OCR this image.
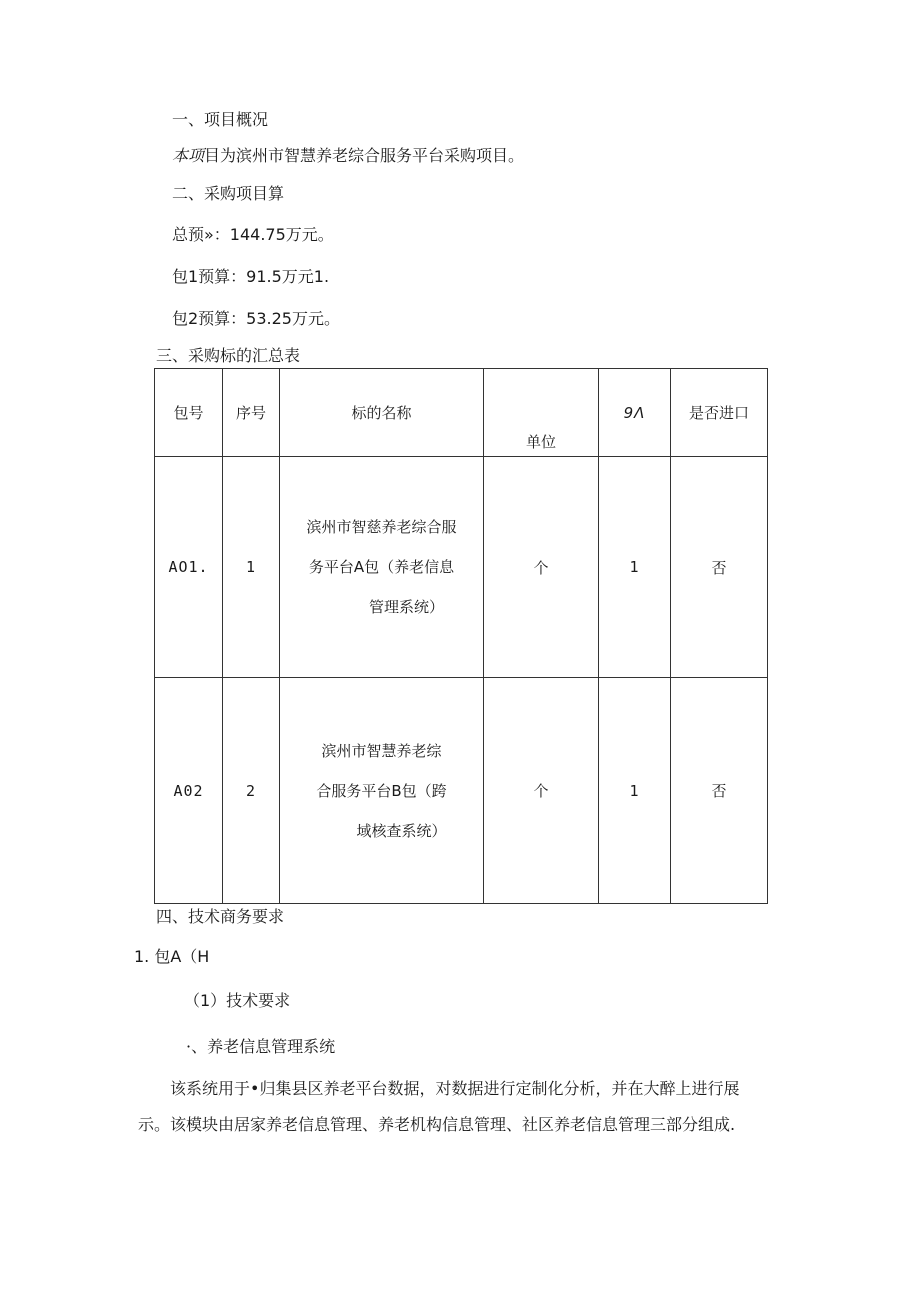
一、项目概况
本项目为滨州市智慧养老综合服务平台采购项目。
二、采购项目算
总预»：144.75万元。
包1预算：91.5万元1.
包2预算：53.25万元。
三、采购标的汇总表
包号	序号	标的名称	单位	9Λ	是否进口
AO1.	1	滨州市智慈养老综合服
务平台A包（养老信息
管理系统）	个	1	否
A02	2	滨州市智慧养老综
合服务平台B包（跨
域核查系统）	个	1	否
四、技术商务要求
1. 包A（H
（1）技术要求
·、养老信息管理系统
该系统用于•归集县区养老平台数据，对数据进行定制化分析，并在大醉上进行展
示。该模块由居家养老信息管理、养老机构信息管理、社区养老信息管理三部分组成.
